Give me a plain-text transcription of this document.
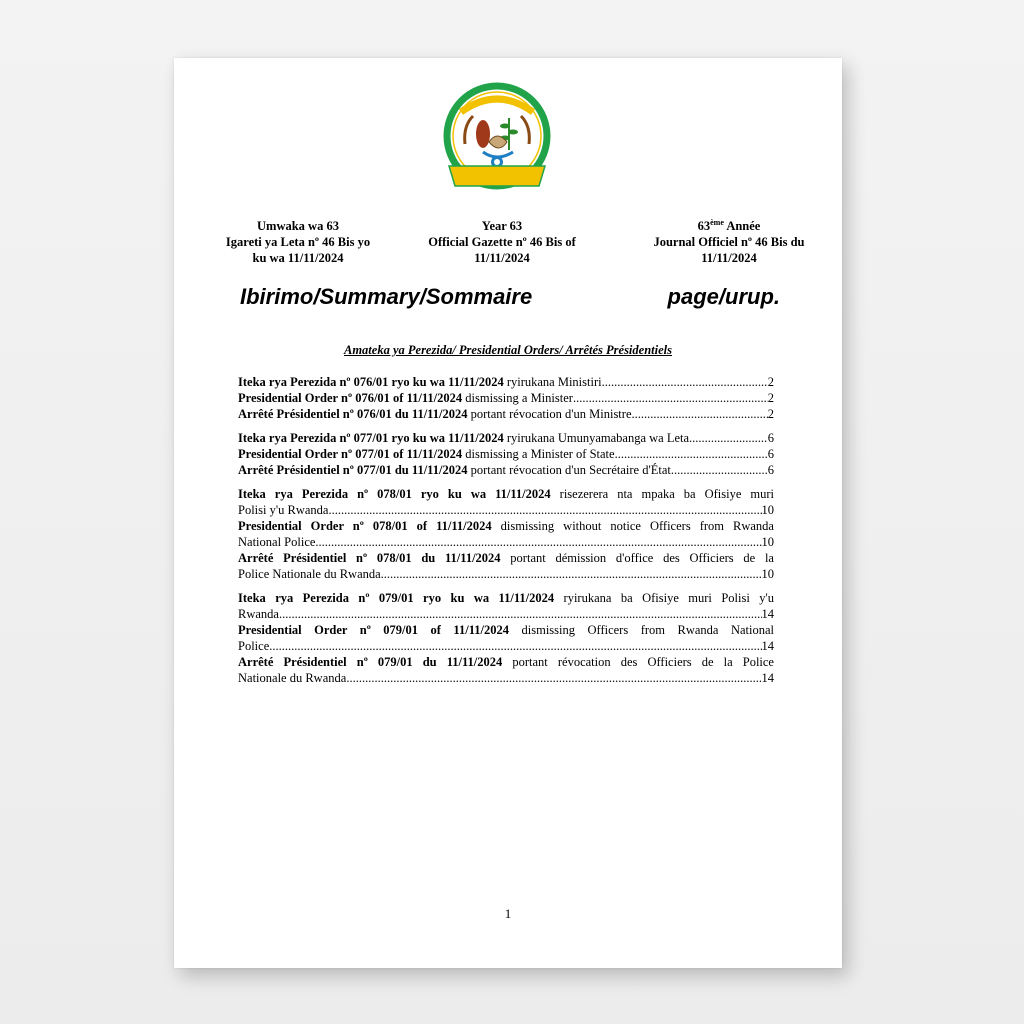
Umwaka wa 63
Igareti ya Leta nº 46 Bis yo
ku wa 11/11/2024
Year 63
Official Gazette nº 46 Bis of
11/11/2024
63ème Année
Journal Officiel nº 46 Bis du
11/11/2024
Ibirimo/Summary/Sommaire	page/urup.
Amateka ya Perezida/ Presidential Orders/ Arrêtés Présidentiels
Iteka rya Perezida nº 076/01 ryo ku wa 11/11/2024 ryirukana Ministiri .....	2
Presidential Order nº 076/01 of 11/11/2024 dismissing a Minister .....	2
Arrêté Présidentiel nº 076/01 du 11/11/2024 portant révocation d'un Ministre .....	2
Iteka rya Perezida nº 077/01 ryo ku wa 11/11/2024 ryirukana Umunyamabanga wa Leta .....	6
Presidential Order nº 077/01 of 11/11/2024 dismissing a Minister of State .....	6
Arrêté Présidentiel nº 077/01 du 11/11/2024 portant révocation d'un Secrétaire d'État .....	6
Iteka rya Perezida nº 078/01 ryo ku wa 11/11/2024 risezerera nta mpaka ba Ofisiye muri
Polisi y'u Rwanda .....	10
Presidential Order nº 078/01 of 11/11/2024 dismissing without notice Officers from Rwanda
National Police .....	10
Arrêté Présidentiel nº 078/01 du 11/11/2024 portant démission d'office des Officiers de la
Police Nationale du Rwanda .....	10
Iteka rya Perezida nº 079/01 ryo ku wa 11/11/2024 ryirukana ba Ofisiye muri Polisi y'u
Rwanda .....	14
Presidential Order nº 079/01 of 11/11/2024 dismissing Officers from Rwanda National
Police .....	14
Arrêté Présidentiel nº 079/01 du 11/11/2024 portant révocation des Officiers de la Police
Nationale du Rwanda .....	14
1
